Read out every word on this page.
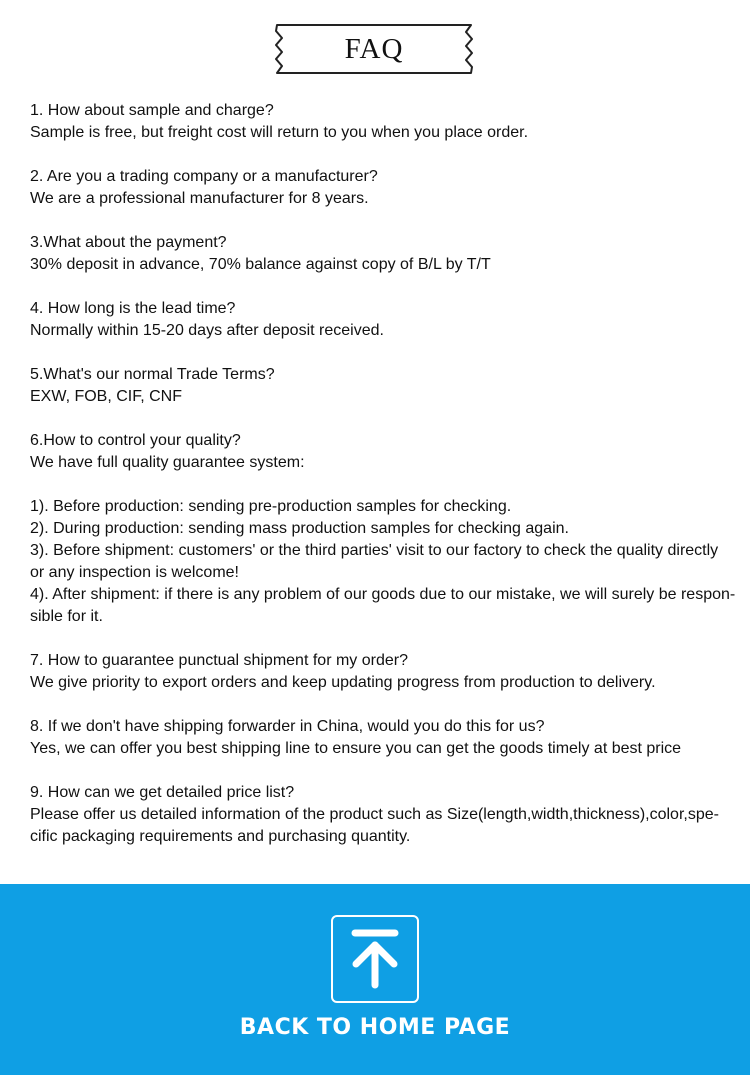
FAQ
1. How about sample and charge?
Sample is free, but freight cost will return to you when you place order.
2. Are you a trading company or a manufacturer?
We are a professional manufacturer for 8 years.
3.What about the payment?
30% deposit in advance, 70% balance against copy of B/L by T/T
4. How long is the lead time?
Normally within 15-20 days after deposit received.
5.What's our normal Trade Terms?
EXW, FOB, CIF, CNF
6.How to control your quality?
We have full quality guarantee system:
1). Before production: sending pre-production samples for checking.
2). During production: sending mass production samples for checking again.
3). Before shipment: customers' or the third parties' visit to our factory to check the quality directly
or any inspection is welcome!
4). After shipment: if there is any problem of our goods due to our mistake, we will surely be respon-
sible for it.
7. How to guarantee punctual shipment for my order?
We give priority to export orders and keep updating progress from production to delivery.
8. If we don't have shipping forwarder in China, would you do this for us?
Yes, we can offer you best shipping line to ensure you can get the goods timely at best price
9. How can we get detailed price list?
Please offer us detailed information of the product such as Size(length,width,thickness),color,spe-
cific packaging requirements and purchasing quantity.
BACK TO HOME PAGE
